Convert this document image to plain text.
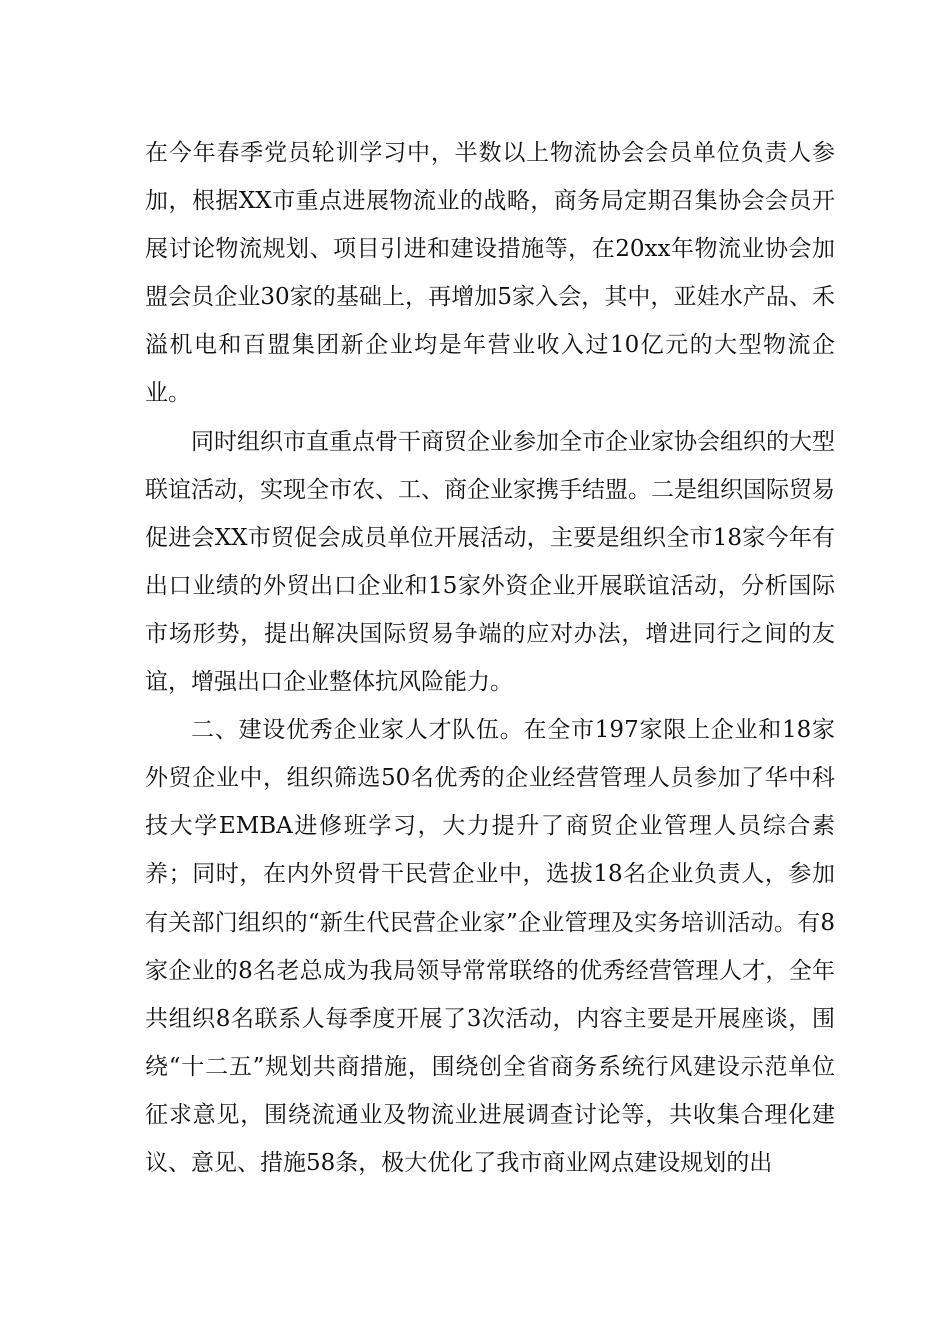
在今年春季党员轮训学习中，半数以上物流协会会员单位负责人参加，根据XX市重点进展物流业的战略，商务局定期召集协会会员开展讨论物流规划、项目引进和建设措施等，在20xx年物流业协会加盟会员企业30家的基础上，再增加5家入会，其中，亚娃水产品、禾溢机电和百盟集团新企业均是年营业收入过10亿元的大型物流企业。

同时组织市直重点骨干商贸企业参加全市企业家协会组织的大型联谊活动，实现全市农、工、商企业家携手结盟。二是组织国际贸易促进会XX市贸促会成员单位开展活动，主要是组织全市18家今年有出口业绩的外贸出口企业和15家外资企业开展联谊活动，分析国际市场形势，提出解决国际贸易争端的应对办法，增进同行之间的友谊，增强出口企业整体抗风险能力。

二、建设优秀企业家人才队伍。在全市197家限上企业和18家外贸企业中，组织筛选50名优秀的企业经营管理人员参加了华中科技大学EMBA进修班学习，大力提升了商贸企业管理人员综合素养；同时，在内外贸骨干民营企业中，选拔18名企业负责人，参加有关部门组织的“新生代民营企业家”企业管理及实务培训活动。有8家企业的8名老总成为我局领导常常联络的优秀经营管理人才，全年共组织8名联系人每季度开展了3次活动，内容主要是开展座谈，围绕“十二五”规划共商措施，围绕创全省商务系统行风建设示范单位征求意见，围绕流通业及物流业进展调查讨论等，共收集合理化建议、意见、措施58条，极大优化了我市商业网点建设规划的出
